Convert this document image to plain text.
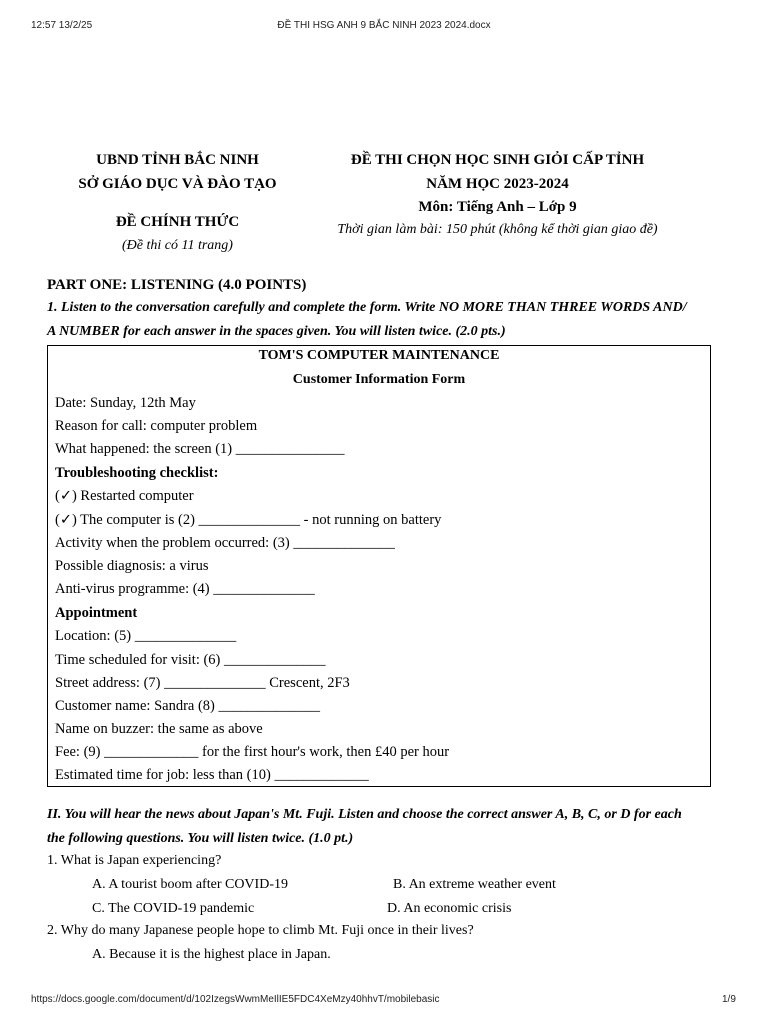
12:57 13/2/25	ĐỀ THI HSG ANH 9 BẮC NINH 2023 2024.docx
UBND TỈNH BẮC NINH
SỞ GIÁO DỤC VÀ ĐÀO TẠO
ĐỀ CHÍNH THỨC
(Đề thi có 11 trang)
ĐỀ THI CHỌN HỌC SINH GIỎI CẤP TỈNH
NĂM HỌC 2023-2024
Môn: Tiếng Anh – Lớp 9
Thời gian làm bài: 150 phút (không kể thời gian giao đề)
PART ONE: LISTENING (4.0 POINTS)
1. Listen to the conversation carefully and complete the form. Write NO MORE THAN THREE WORDS AND/
A NUMBER for each answer in the spaces given. You will listen twice. (2.0 pts.)
TOM'S COMPUTER MAINTENANCE
Customer Information Form
Date: Sunday, 12th May
Reason for call: computer problem
What happened: the screen (1) _______________
Troubleshooting checklist:
(✓) Restarted computer
(✓) The computer is (2) ______________ - not running on battery
Activity when the problem occurred: (3) ______________
Possible diagnosis: a virus
Anti-virus programme: (4) ______________
Appointment
Location: (5) ______________
Time scheduled for visit: (6) ______________
Street address: (7) ______________ Crescent, 2F3
Customer name: Sandra (8) ______________
Name on buzzer: the same as above
Fee: (9) _____________ for the first hour's work, then £40 per hour
Estimated time for job: less than (10) _____________
II. You will hear the news about Japan's Mt. Fuji. Listen and choose the correct answer A, B, C, or D for each
the following questions. You will listen twice. (1.0 pt.)
1. What is Japan experiencing?
A. A tourist boom after COVID-19	B. An extreme weather event
C. The COVID-19 pandemic	D. An economic crisis
2. Why do many Japanese people hope to climb Mt. Fuji once in their lives?
A. Because it is the highest place in Japan.
https://docs.google.com/document/d/102IzegsWwmMeIlIE5FDC4XeMzy40hhvT/mobilebasic	1/9
